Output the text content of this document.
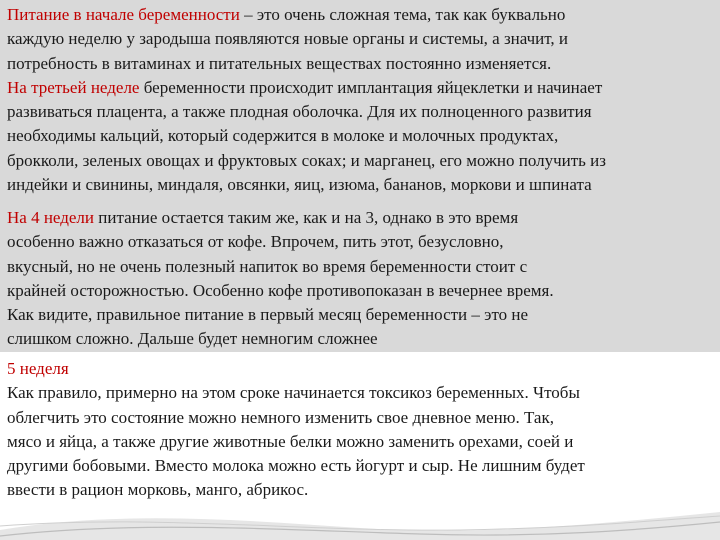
Питание в начале беременности – это очень сложная тема, так как буквально
каждую неделю у зародыша появляются новые органы и системы, а значит, и
потребность в витаминах и питательных веществах постоянно изменяется.
На третьей неделе беременности происходит имплантация яйцеклетки и начинает
развиваться плацента, а также плодная оболочка. Для их полноценного развития
необходимы кальций, который содержится в молоке и молочных продуктах,
брокколи, зеленых овощах и фруктовых соках; и марганец, его можно получить из
индейки и свинины, миндаля, овсянки, яиц, изюма, бананов, моркови и шпината
На 4 недели питание остается таким же, как и на 3, однако в это время
особенно важно отказаться от кофе. Впрочем, пить этот, безусловно,
вкусный, но не очень полезный напиток во время беременности стоит с
крайней осторожностью. Особенно кофе противопоказан в вечернее время.
Как видите, правильное питание в первый месяц беременности – это не
слишком сложно. Дальше будет немногим сложнее
5 неделя
Как правило, примерно на этом сроке начинается токсикоз беременных. Чтобы
облегчить это состояние можно немного изменить свое дневное меню. Так,
мясо и яйца, а также другие животные белки можно заменить орехами, соей и
другими бобовыми. Вместо молока можно есть йогурт и сыр. Не лишним будет
ввести в рацион морковь, манго, абрикос.
